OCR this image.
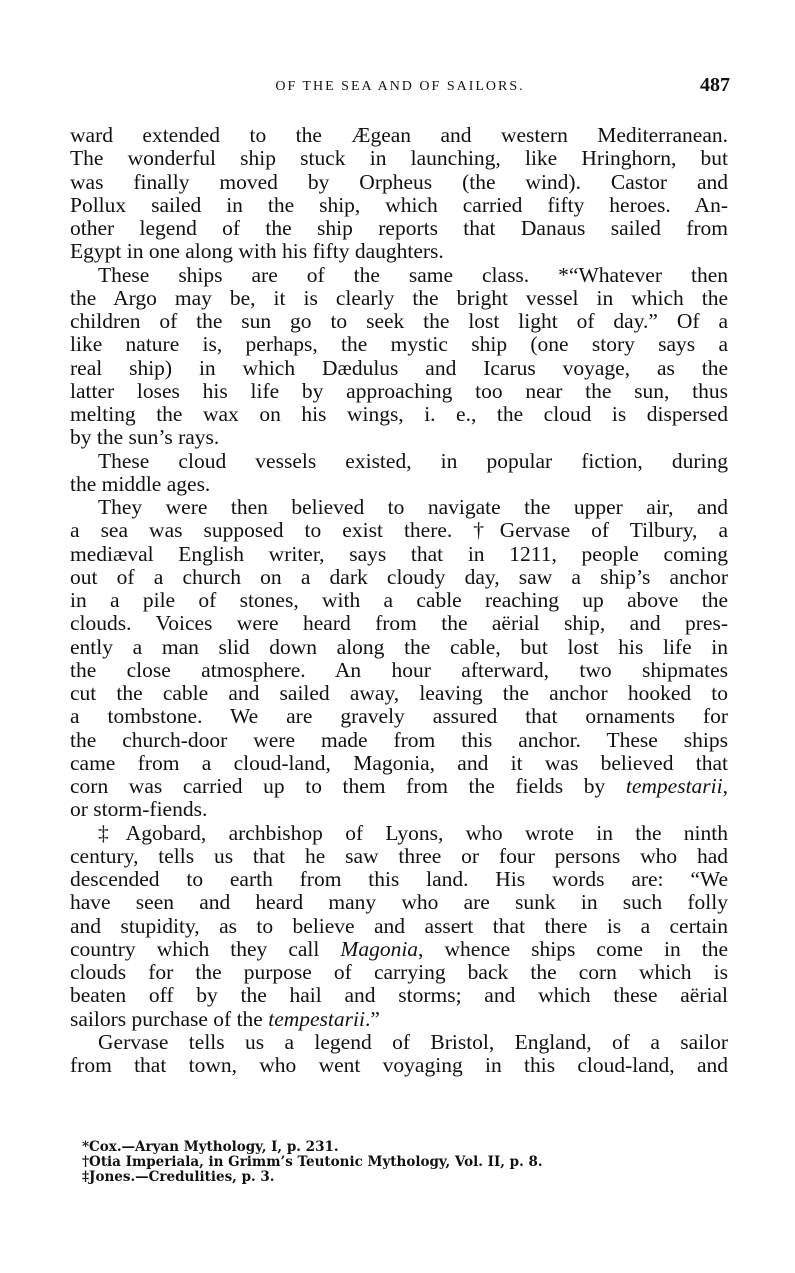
OF THE SEA AND OF SAILORS.	487
ward extended to the Ægean and western Mediterranean.
The wonderful ship stuck in launching, like Hringhorn, but
was finally moved by Orpheus (the wind). Castor and
Pollux sailed in the ship, which carried fifty heroes. An-
other legend of the ship reports that Danaus sailed from
Egypt in one along with his fifty daughters.
These ships are of the same class. *“Whatever then
the Argo may be, it is clearly the bright vessel in which the
children of the sun go to seek the lost light of day.” Of a
like nature is, perhaps, the mystic ship (one story says a
real ship) in which Dædulus and Icarus voyage, as the
latter loses his life by approaching too near the sun, thus
melting the wax on his wings, i. e., the cloud is dispersed
by the sun’s rays.
These cloud vessels existed, in popular fiction, during
the middle ages.
They were then believed to navigate the upper air, and
a sea was supposed to exist there. †Gervase of Tilbury, a
mediæval English writer, says that in 1211, people coming
out of a church on a dark cloudy day, saw a ship’s anchor
in a pile of stones, with a cable reaching up above the
clouds. Voices were heard from the aërial ship, and pres-
ently a man slid down along the cable, but lost his life in
the close atmosphere. An hour afterward, two shipmates
cut the cable and sailed away, leaving the anchor hooked to
a tombstone. We are gravely assured that ornaments for
the church-door were made from this anchor. These ships
came from a cloud-land, Magonia, and it was believed that
corn was carried up to them from the fields by tempestarii,
or storm-fiends.
‡Agobard, archbishop of Lyons, who wrote in the ninth
century, tells us that he saw three or four persons who had
descended to earth from this land. His words are: “We
have seen and heard many who are sunk in such folly
and stupidity, as to believe and assert that there is a certain
country which they call Magonia, whence ships come in the
clouds for the purpose of carrying back the corn which is
beaten off by the hail and storms; and which these aërial
sailors purchase of the tempestarii.”
Gervase tells us a legend of Bristol, England, of a sailor
from that town, who went voyaging in this cloud-land, and
*Cox.—Aryan Mythology, I, p. 231.
†Otia Imperiala, in Grimm’s Teutonic Mythology, Vol. II, p. 8.
‡Jones.—Credulities, p. 3.
